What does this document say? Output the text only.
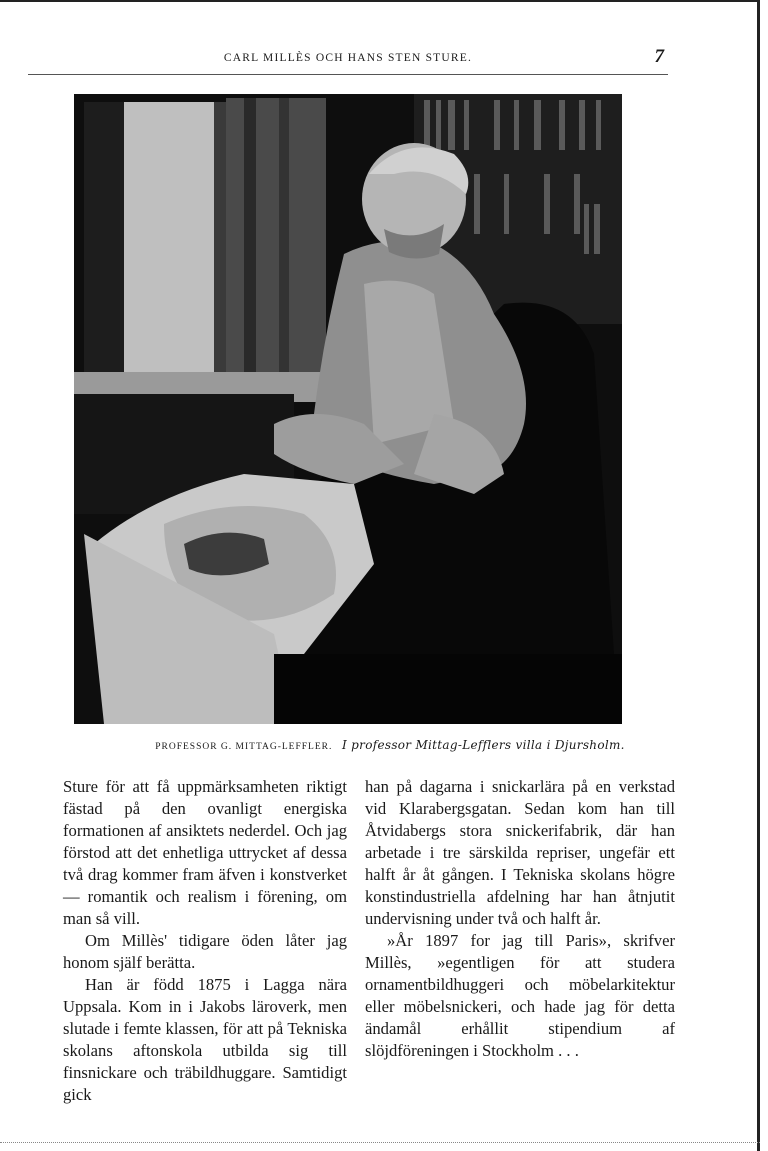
CARL MILLÈS OCH HANS STEN STURE.	7
PROFESSOR G. MITTAG-LEFFLER. I professor Mittag-Lefflers villa i Djursholm.

Sture för att få uppmärksamheten riktigt fästad på den ovanligt energiska formationen af ansiktets nederdel. Och jag förstod att det enhetliga uttrycket af dessa två drag kommer fram äfven i konstverket — romantik och realism i förening, om man så vill.

Om Millès' tidigare öden låter jag honom själf berätta.

Han är född 1875 i Lagga nära Uppsala. Kom in i Jakobs läroverk, men slutade i femte klassen, för att på Tekniska skolans aftonskola utbilda sig till finsnickare och träbildhuggare. Samtidigt gick

han på dagarna i snickarlära på en verkstad vid Klarabergsgatan. Sedan kom han till Åtvidabergs stora snickerifabrik, där han arbetade i tre särskilda repriser, ungefär ett halft år åt gången. I Tekniska skolans högre konstindustriella afdelning har han åtnjutit undervisning under två och halft år.

»År 1897 for jag till Paris», skrifver Millès, »egentligen för att studera ornamentbildhuggeri och möbelarkitektur eller möbelsnickeri, och hade jag för detta ändamål erhållit stipendium af slöjdföreningen i Stockholm . . .
